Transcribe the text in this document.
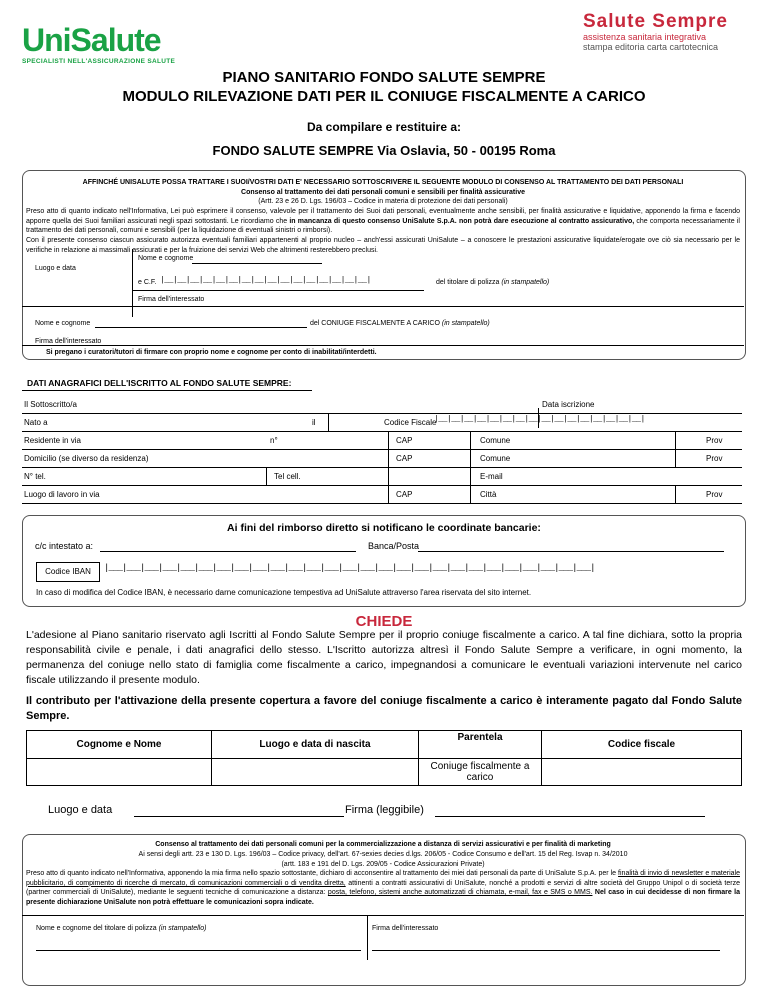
UniSalute
SPECIALISTI NELL'ASSICURAZIONE SALUTE
Salute Sempre
assistenza sanitaria integrativa
stampa editoria carta cartotecnica
PIANO SANITARIO FONDO SALUTE SEMPRE
MODULO RILEVAZIONE DATI PER IL CONIUGE FISCALMENTE A CARICO
Da compilare e restituire a:
FONDO SALUTE SEMPRE Via Oslavia, 50 - 00195 Roma
AFFINCHÉ UNISALUTE POSSA TRATTARE I SUOI/VOSTRI DATI E' NECESSARIO SOTTOSCRIVERE IL SEGUENTE MODULO DI CONSENSO AL TRATTAMENTO DEI DATI PERSONALI
Consenso al trattamento dei dati personali comuni e sensibili per finalità assicurative
(Artt. 23 e 26 D. Lgs. 196/03 – Codice in materia di protezione dei dati personali)
Preso atto di quanto indicato nell'Informativa, Lei può esprimere il consenso, valevole per il trattamento dei Suoi dati personali, eventualmente anche sensibili, per finalità assicurative e liquidative, apponendo la firma e facendo apporre quella dei Suoi familiari assicurati negli spazi sottostanti. Le ricordiamo che in mancanza di questo consenso UniSalute S.p.A. non potrà dare esecuzione al contratto assicurativo, che comporta necessariamente il trattamento dei dati personali, comuni e sensibili (per la liquidazione di eventuali sinistri o rimborsi).
Con il presente consenso ciascun assicurato autorizza eventuali familiari appartenenti al proprio nucleo – anch'essi assicurati UniSalute – a conoscere le prestazioni assicurative liquidate/erogate ove ciò sia necessario per le verifiche in relazione ai massimali assicurati e per la fruizione dei servizi Web che altrimenti resterebbero preclusi.
Nome e cognome
Luogo e data
e C.F. |__|__|__|__|__|__|__|__|__|__|__|__|__|__|__|__|	del titolare di polizza (in stampatello)
Firma dell'interessato
Nome e cognome	del CONIUGE FISCALMENTE A CARICO (in stampatello)
Firma dell'interessato
Si pregano i curatori/tutori di firmare con proprio nome e cognome per conto di inabilitati/interdetti.
DATI ANAGRAFICI DELL'ISCRITTO AL FONDO SALUTE SEMPRE:
Il Sottoscritto/a	Data iscrizione
Nato a	il	Codice Fiscale
|__|__|__|__|__|__|__|__|__|__|__|__|__|__|__|__|
Residente in via	n°	CAP	Comune	Prov
Domicilio (se diverso da residenza)	CAP	Comune	Prov
N° tel.	Tel cell.	E-mail
Luogo di lavoro in via	CAP	Città	Prov
Ai fini del rimborso diretto si notificano le coordinate bancarie:
c/c intestato a:	Banca/Posta
Codice IBAN	|___|___|___|___|___|___|___|___|___|___|___|___|___|___|___|___|___|___|___|___|___|___|___|___|___|___|___|
In caso di modifica del Codice IBAN, è necessario darne comunicazione tempestiva ad UniSalute attraverso l'area riservata del sito internet.
CHIEDE
L'adesione al Piano sanitario riservato agli Iscritti al Fondo Salute Sempre per il proprio coniuge fiscalmente a carico. A tal fine dichiara, sotto la propria responsabilità civile e penale, i dati anagrafici dello stesso. L'Iscritto autorizza altresì il Fondo Salute Sempre a verificare, in ogni momento, la permanenza del coniuge nello stato di famiglia come fiscalmente a carico, impegnandosi a comunicare le eventuali variazioni intervenute nel carico fiscale utilizzando il presente modulo.
Il contributo per l'attivazione della presente copertura a favore del coniuge fiscalmente a carico è interamente pagato dal Fondo Salute Sempre.
Cognome e Nome	Luogo e data di nascita	Parentela	Codice fiscale
		Coniuge fiscalmente a carico	
Luogo e data	Firma (leggibile)
Consenso al trattamento dei dati personali comuni per la commercializzazione a distanza di servizi assicurativi e per finalità di marketing
Ai sensi degli artt. 23 e 130 D. Lgs. 196/03 – Codice privacy, dell'art. 67-sexies decies d.lgs. 206/05 - Codice Consumo e dell'art. 15 del Reg. Isvap n. 34/2010
(artt. 183 e 191 del D. Lgs. 209/05 - Codice Assicurazioni Private)
Preso atto di quanto indicato nell'Informativa, apponendo la mia firma nello spazio sottostante, dichiaro di acconsentire al trattamento dei miei dati personali da parte di UniSalute S.p.A. per le finalità di invio di newsletter e materiale pubblicitario, di compimento di ricerche di mercato, di comunicazioni commerciali o di vendita diretta, attinenti a contratti assicurativi di UniSalute, nonché a prodotti e servizi di altre società del Gruppo Unipol o di società terze (partner commerciali di UniSalute), mediante le seguenti tecniche di comunicazione a distanza: posta, telefono, sistemi anche automatizzati di chiamata, e-mail, fax e SMS o MMS. Nel caso in cui decidesse di non firmare la presente dichiarazione UniSalute non potrà effettuare le comunicazioni sopra indicate.
Nome e cognome del titolare di polizza (in stampatello)	Firma dell'interessato
